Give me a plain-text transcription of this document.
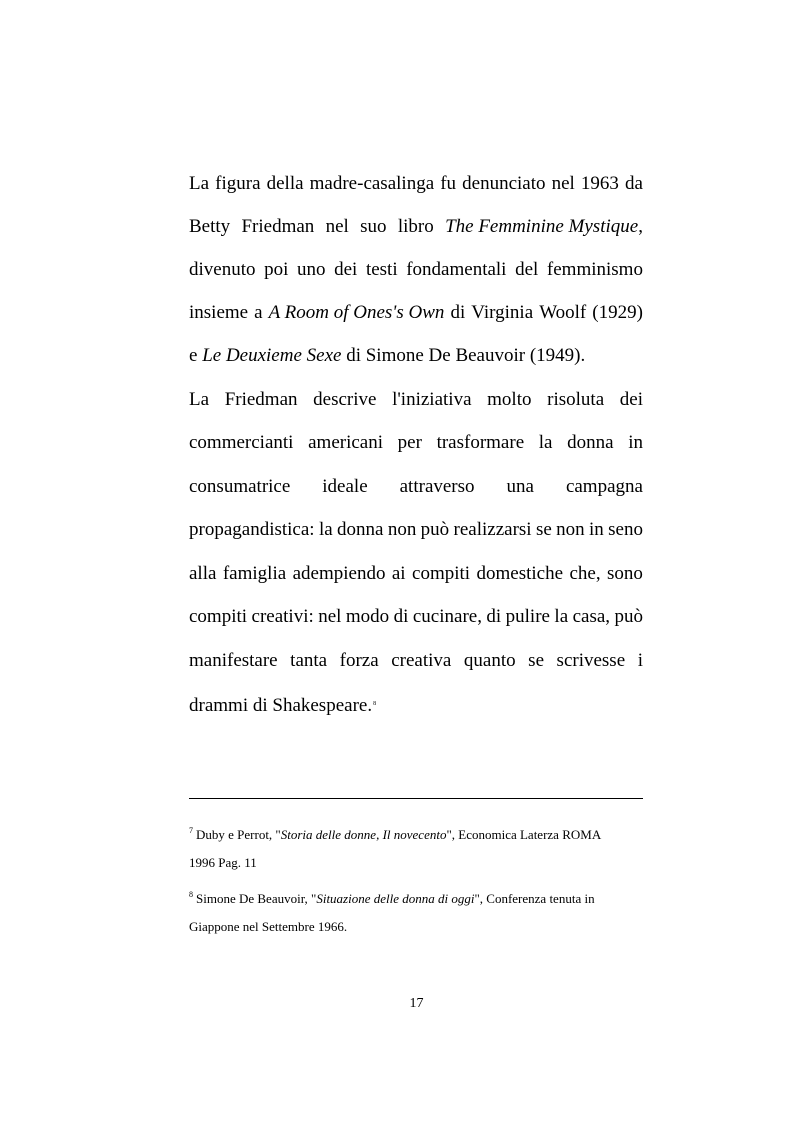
La figura della madre-casalinga fu denunciato nel 1963 da
Betty Friedman nel suo libro The Femminine Mystique,
divenuto poi uno dei testi fondamentali del femminismo
insieme a A Room of Ones's Own di Virginia Woolf (1929)
e Le Deuxieme Sexe di Simone De Beauvoir (1949).
La Friedman descrive l'iniziativa molto risoluta dei
commercianti americani per trasformare la donna in
consumatrice ideale attraverso una campagna
propagandistica: la donna non può realizzarsi se non in seno
alla famiglia adempiendo ai compiti domestiche che, sono
compiti creativi: nel modo di cucinare, di pulire la casa, può
manifestare tanta forza creativa quanto se scrivesse i
drammi di Shakespeare.$^8$
$^7$ Duby e Perrot, "Storia delle donne, Il novecento", Economica Laterza ROMA
1996 Pag. 11
$^8$ Simone De Beauvoir, "Situazione delle donna di oggi", Conferenza tenuta in
Giappone nel Settembre 1966.
17
